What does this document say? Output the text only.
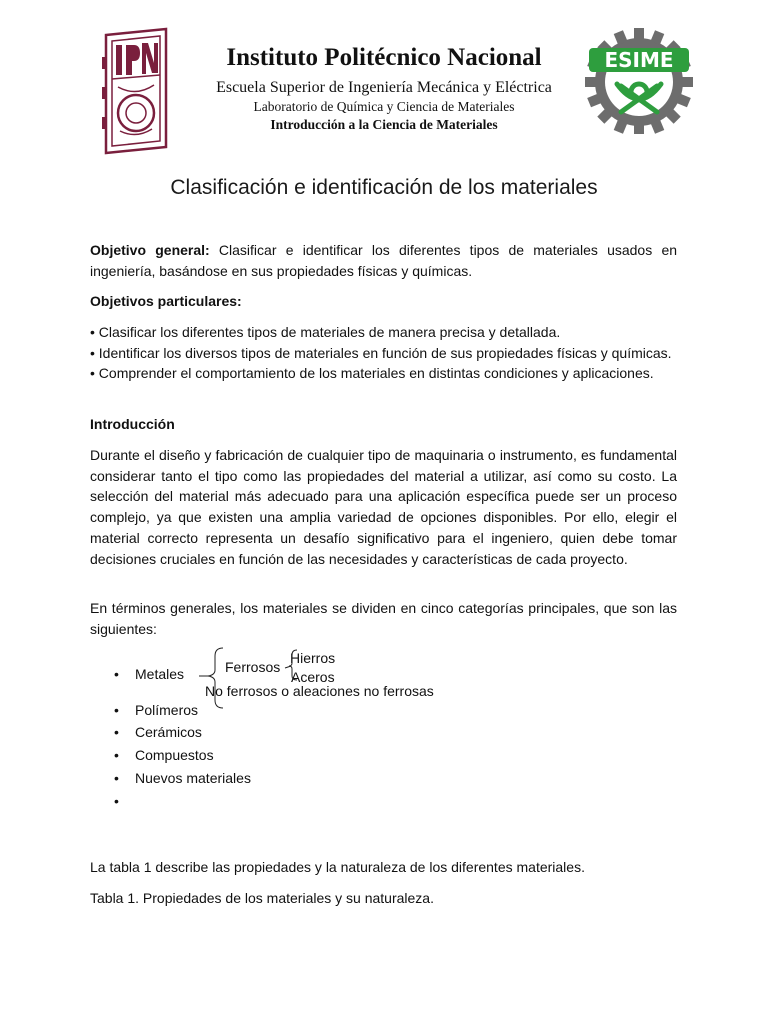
ESIME
Instituto Politécnico Nacional
Escuela Superior de Ingeniería Mecánica y Eléctrica
Laboratorio de Química y Ciencia de Materiales
Introducción a la Ciencia de Materiales
Clasificación e identificación de los materiales
Objetivo general: Clasificar e identificar los diferentes tipos de materiales usados en ingeniería, basándose en sus propiedades físicas y químicas.
Objetivos particulares:
• Clasificar los diferentes tipos de materiales de manera precisa y detallada.
• Identificar los diversos tipos de materiales en función de sus propiedades físicas y químicas.
• Comprender el comportamiento de los materiales en distintas condiciones y aplicaciones.
Introducción
Durante el diseño y fabricación de cualquier tipo de maquinaria o instrumento, es fundamental considerar tanto el tipo como las propiedades del material a utilizar, así como su costo. La selección del material más adecuado para una aplicación específica puede ser un proceso complejo, ya que existen una amplia variedad de opciones disponibles. Por ello, elegir el material correcto representa un desafío significativo para el ingeniero, quien debe tomar decisiones cruciales en función de las necesidades y características de cada proyecto.
En términos generales, los materiales se dividen en cinco categorías principales, que son las siguientes:
• Metales
• Polímeros
• Cerámicos
• Compuestos
• Nuevos materiales
•
Ferrosos
Hierros
Aceros
No ferrosos o aleaciones no ferrosas
La tabla 1 describe las propiedades y la naturaleza de los diferentes materiales.
Tabla 1. Propiedades de los materiales y su naturaleza.
